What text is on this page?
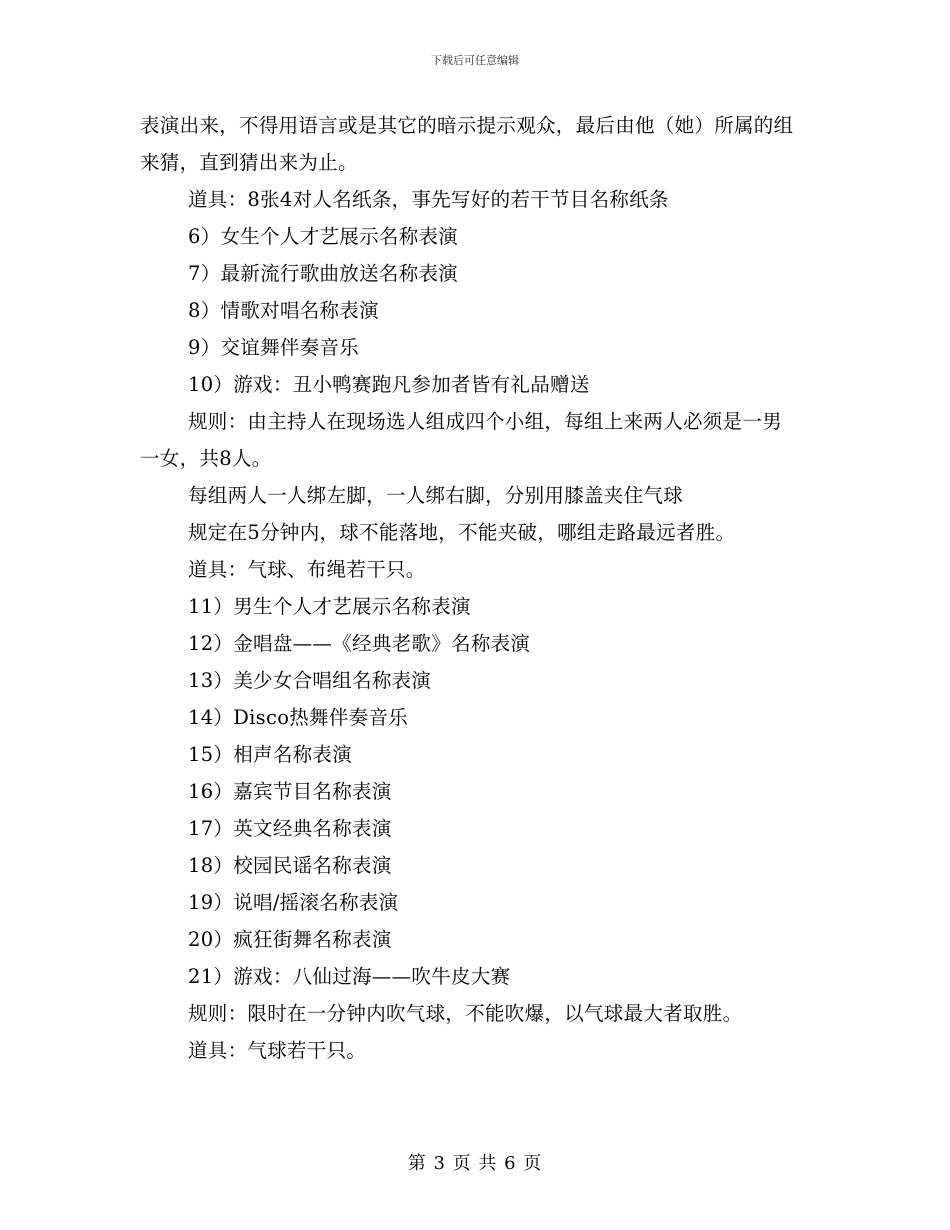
下载后可任意编辑

表演出来，不得用语言或是其它的暗示提示观众，最后由他（她）所属的组来猜，直到猜出来为止。

道具：8张4对人名纸条，事先写好的若干节目名称纸条

6）女生个人才艺展示名称表演

7）最新流行歌曲放送名称表演

8）情歌对唱名称表演

9）交谊舞伴奏音乐

10）游戏：丑小鸭赛跑凡参加者皆有礼品赠送

规则：由主持人在现场选人组成四个小组，每组上来两人必须是一男一女，共8人。

每组两人一人绑左脚，一人绑右脚，分别用膝盖夹住气球

规定在5分钟内，球不能落地，不能夹破，哪组走路最远者胜。

道具：气球、布绳若干只。

11）男生个人才艺展示名称表演

12）金唱盘——《经典老歌》名称表演

13）美少女合唱组名称表演

14）Disco热舞伴奏音乐

15）相声名称表演

16）嘉宾节目名称表演

17）英文经典名称表演

18）校园民谣名称表演

19）说唱/摇滚名称表演

20）疯狂街舞名称表演

21）游戏：八仙过海——吹牛皮大赛

规则：限时在一分钟内吹气球，不能吹爆，以气球最大者取胜。

道具：气球若干只。

第 3 页 共 6 页
